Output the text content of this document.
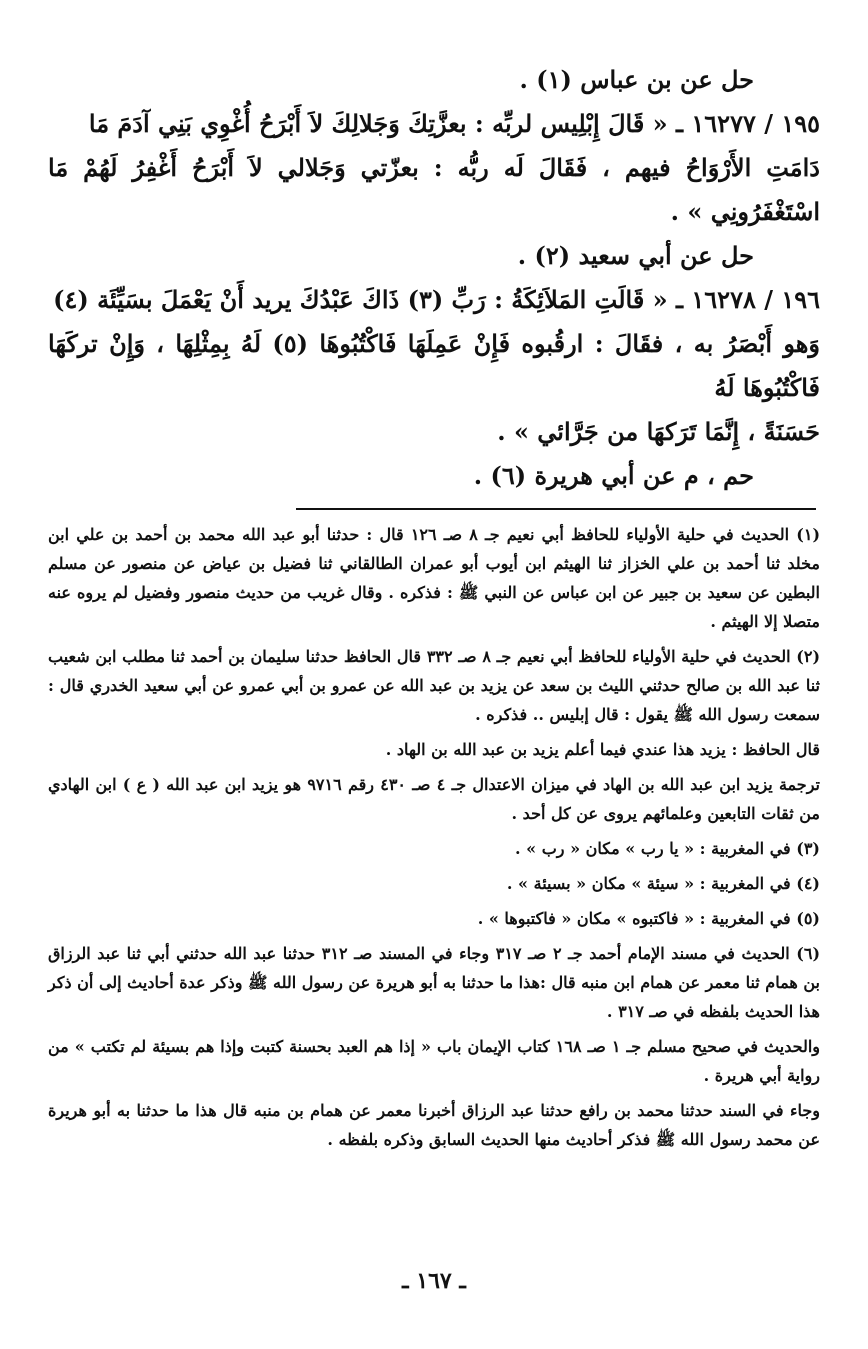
حل عن بن عباس (١) .

١٩٥ / ١٦٢٧٧ ـ « قَالَ إِبْلِيس لربِّه : بعزَّتِكَ وَجَلالِكَ لاَ أَبْرَحُ أُغْوِي بَنِي آدَمَ مَا

دَامَتِ الأَرْوَاحُ فيهم ، فَقَالَ لَه ربُّه : بعزّتي وَجَلالي لاَ أَبْرَحُ أَغْفِرُ لَهُمْ مَا اسْتَغْفَرُونِي » .

حل عن أبي سعيد (٢) .

١٩٦ / ١٦٢٧٨ ـ « قَالَتِ المَلاَئِكَةُ : رَبِّ (٣) ذَاكَ عَبْدُكَ يريد أَنْ يَعْمَلَ بسَيِّئَة (٤)

وَهو أَبْصَرُ به ، فقَالَ : ارقُبوه فَإِنْ عَمِلَهَا فَاكْتُبُوهَا (٥) لَهُ بِمِثْلِهَا ، وَإِنْ تركَهَا فَاكْتُبُوهَا لَهُ

حَسَنَةً ، إِنَّمَا تَرَكهَا من جَرَّائي » .

حم ، م عن أبي هريرة (٦) .

(١) الحديث في حلية الأولياء للحافظ أبي نعيم جـ ٨ صـ ١٢٦ قال : حدثنا أبو عبد الله محمد بن أحمد بن علي ابن مخلد ثنا أحمد بن علي الخزاز ثنا الهيثم ابن أيوب أبو عمران الطالقاني ثنا فضيل بن عياض عن منصور عن مسلم البطين عن سعيد بن جبير عن ابن عباس عن النبي ﷺ : فذكره . وقال غريب من حديث منصور وفضيل لم يروه عنه متصلا إلا الهيثم .

(٢) الحديث في حلية الأولياء للحافظ أبي نعيم جـ ٨ صـ ٣٣٢ قال الحافظ حدثنا سليمان بن أحمد ثنا مطلب ابن شعيب ثنا عبد الله بن صالح حدثني الليث بن سعد عن يزيد بن عبد الله عن عمرو بن أبي عمرو عن أبي سعيد الخدري قال : سمعت رسول الله ﷺ يقول : قال إبليس .. فذكره .

قال الحافظ : يزيد هذا عندي فيما أعلم يزيد بن عبد الله بن الهاد .

ترجمة يزيد ابن عبد الله بن الهاد في ميزان الاعتدال جـ ٤ صـ ٤٣٠ رقم ٩٧١٦ هو يزيد ابن عبد الله ( ع ) ابن الهادي من ثقات التابعين وعلمائهم يروى عن كل أحد .

(٣) في المغربية : « يا رب » مكان « رب » .

(٤) في المغربية : « سيئة » مكان « بسيئة » .

(٥) في المغربية : « فاكتبوه » مكان « فاكتبوها » .

(٦) الحديث في مسند الإمام أحمد جـ ٢ صـ ٣١٧ وجاء في المسند صـ ٣١٢ حدثنا عبد الله حدثني أبي ثنا عبد الرزاق بن همام ثنا معمر عن همام ابن منبه قال :هذا ما حدثنا به أبو هريرة عن رسول الله ﷺ وذكر عدة أحاديث إلى أن ذكر هذا الحديث بلفظه في صـ ٣١٧ .

والحديث في صحيح مسلم جـ ١ صـ ١٦٨ كتاب الإيمان باب « إذا هم العبد بحسنة كتبت وإذا هم بسيئة لم تكتب » من رواية أبي هريرة .

وجاء في السند حدثنا محمد بن رافع حدثنا عبد الرزاق أخبرنا معمر عن همام بن منبه قال هذا ما حدثنا به أبو هريرة عن محمد رسول الله ﷺ فذكر أحاديث منها الحديث السابق وذكره بلفظه .

ـ ١٦٧ ـ
